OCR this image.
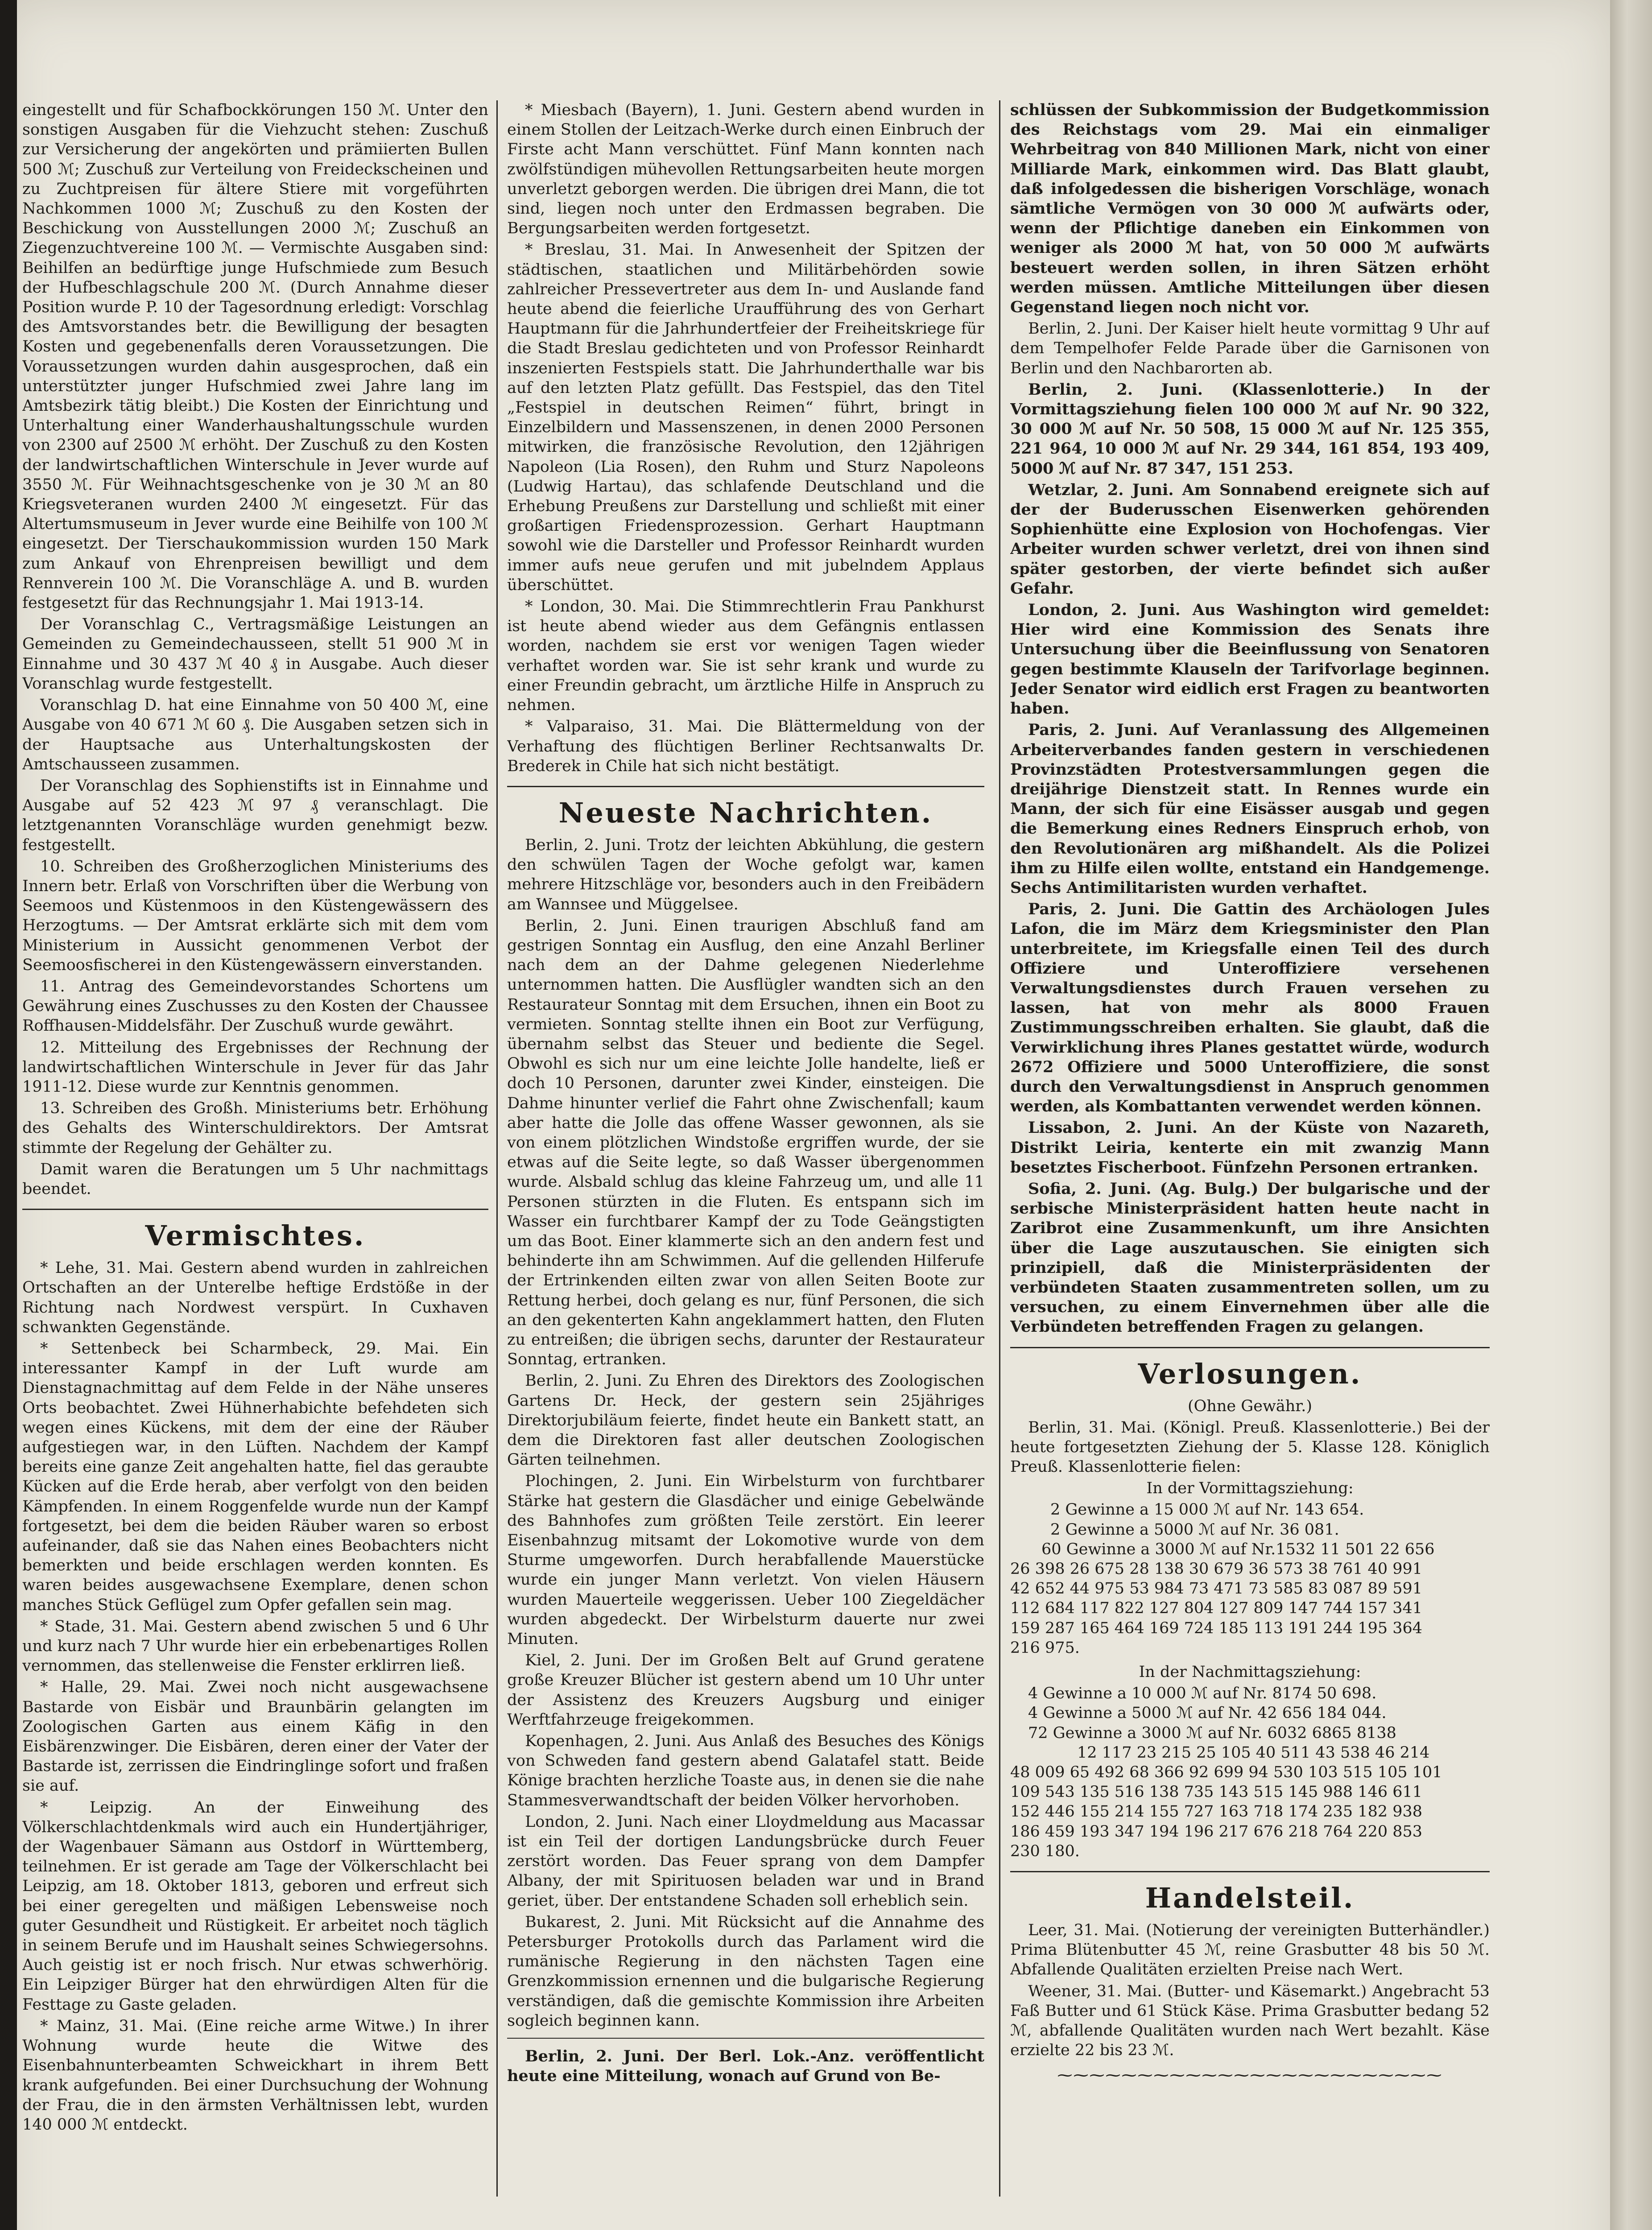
eingestellt und für Schafbockkörungen 150 ℳ. Unter den sonstigen Ausgaben für die Viehzucht stehen: Zuschuß zur Versicherung der angekörten und prämiierten Bullen 500 ℳ; Zuschuß zur Verteilung von Freideckscheinen und zu Zuchtpreisen für ältere Stiere mit vorgeführten Nachkommen 1000 ℳ; Zuschuß zu den Kosten der Beschickung von Ausstellungen 2000 ℳ; Zuschuß an Ziegenzuchtvereine 100 ℳ. — Vermischte Ausgaben sind: Beihilfen an bedürftige junge Hufschmiede zum Besuch der Hufbeschlagschule 200 ℳ. (Durch Annahme dieser Position wurde P. 10 der Tagesordnung erledigt: Vorschlag des Amtsvorstandes betr. die Bewilligung der besagten Kosten und gegebenenfalls deren Voraussetzungen. Die Voraussetzungen wurden dahin ausgesprochen, daß ein unterstützter junger Hufschmied zwei Jahre lang im Amtsbezirk tätig bleibt.) Die Kosten der Einrichtung und Unterhaltung einer Wanderhaushaltungsschule wurden von 2300 auf 2500 ℳ erhöht. Der Zuschuß zu den Kosten der landwirtschaftlichen Winterschule in Jever wurde auf 3550 ℳ. Für Weihnachtsgeschenke von je 30 ℳ an 80 Kriegsveteranen wurden 2400 ℳ eingesetzt. Für das Altertumsmuseum in Jever wurde eine Beihilfe von 100 ℳ eingesetzt. Der Tierschaukommission wurden 150 Mark zum Ankauf von Ehrenpreisen bewilligt und dem Rennverein 100 ℳ. Die Voranschläge A. und B. wurden festgesetzt für das Rechnungsjahr 1. Mai 1913-14.

Der Voranschlag C., Vertragsmäßige Leistungen an Gemeinden zu Gemeindechausseen, stellt 51 900 ℳ in Einnahme und 30 437 ℳ 40 ₰ in Ausgabe. Auch dieser Voranschlag wurde festgestellt.

Voranschlag D. hat eine Einnahme von 50 400 ℳ, eine Ausgabe von 40 671 ℳ 60 ₰. Die Ausgaben setzen sich in der Hauptsache aus Unterhaltungskosten der Amtschausseen zusammen.

Der Voranschlag des Sophienstifts ist in Einnahme und Ausgabe auf 52 423 ℳ 97 ₰ veranschlagt. Die letztgenannten Voranschläge wurden genehmigt bezw. festgestellt.

10. Schreiben des Großherzoglichen Ministeriums des Innern betr. Erlaß von Vorschriften über die Werbung von Seemoos und Küstenmoos in den Küstengewässern des Herzogtums. — Der Amtsrat erklärte sich mit dem vom Ministerium in Aussicht genommenen Verbot der Seemoosfischerei in den Küstengewässern einverstanden.

11. Antrag des Gemeindevorstandes Schortens um Gewährung eines Zuschusses zu den Kosten der Chaussee Roffhausen-Middelsfähr. Der Zuschuß wurde gewährt.

12. Mitteilung des Ergebnisses der Rechnung der landwirtschaftlichen Winterschule in Jever für das Jahr 1911-12. Diese wurde zur Kenntnis genommen.

13. Schreiben des Großh. Ministeriums betr. Erhöhung des Gehalts des Winterschuldirektors. Der Amtsrat stimmte der Regelung der Gehälter zu.

Damit waren die Beratungen um 5 Uhr nachmittags beendet.

Vermischtes.

* Lehe, 31. Mai. Gestern abend wurden in zahlreichen Ortschaften an der Unterelbe heftige Erdstöße in der Richtung nach Nordwest verspürt. In Cuxhaven schwankten Gegenstände.

* Settenbeck bei Scharmbeck, 29. Mai. Ein interessanter Kampf in der Luft wurde am Dienstagnachmittag auf dem Felde in der Nähe unseres Orts beobachtet. Zwei Hühnerhabichte befehdeten sich wegen eines Kückens, mit dem der eine der Räuber aufgestiegen war, in den Lüften. Nachdem der Kampf bereits eine ganze Zeit angehalten hatte, fiel das geraubte Kücken auf die Erde herab, aber verfolgt von den beiden Kämpfenden. In einem Roggenfelde wurde nun der Kampf fortgesetzt, bei dem die beiden Räuber waren so erbost aufeinander, daß sie das Nahen eines Beobachters nicht bemerkten und beide erschlagen werden konnten. Es waren beides ausgewachsene Exemplare, denen schon manches Stück Geflügel zum Opfer gefallen sein mag.

* Stade, 31. Mai. Gestern abend zwischen 5 und 6 Uhr und kurz nach 7 Uhr wurde hier ein erbebenartiges Rollen vernommen, das stellenweise die Fenster erklirren ließ.

* Halle, 29. Mai. Zwei noch nicht ausgewachsene Bastarde von Eisbär und Braunbärin gelangten im Zoologischen Garten aus einem Käfig in den Eisbärenzwinger. Die Eisbären, deren einer der Vater der Bastarde ist, zerrissen die Eindringlinge sofort und fraßen sie auf.

* Leipzig. An der Einweihung des Völkerschlachtdenkmals wird auch ein Hundertjähriger, der Wagenbauer Sämann aus Ostdorf in Württemberg, teilnehmen. Er ist gerade am Tage der Völkerschlacht bei Leipzig, am 18. Oktober 1813, geboren und erfreut sich bei einer geregelten und mäßigen Lebensweise noch guter Gesundheit und Rüstigkeit. Er arbeitet noch täglich in seinem Berufe und im Haushalt seines Schwiegersohns. Auch geistig ist er noch frisch. Nur etwas schwerhörig. Ein Leipziger Bürger hat den ehrwürdigen Alten für die Festtage zu Gaste geladen.

* Mainz, 31. Mai. (Eine reiche arme Witwe.) In ihrer Wohnung wurde heute die Witwe des Eisenbahnunterbeamten Schweickhart in ihrem Bett krank aufgefunden. Bei einer Durchsuchung der Wohnung der Frau, die in den ärmsten Verhältnissen lebt, wurden 140 000 ℳ entdeckt.

* Miesbach (Bayern), 1. Juni. Gestern abend wurden in einem Stollen der Leitzach-Werke durch einen Einbruch der Firste acht Mann verschüttet. Fünf Mann konnten nach zwölfstündigen mühevollen Rettungsarbeiten heute morgen unverletzt geborgen werden. Die übrigen drei Mann, die tot sind, liegen noch unter den Erdmassen begraben. Die Bergungsarbeiten werden fortgesetzt.

* Breslau, 31. Mai. In Anwesenheit der Spitzen der städtischen, staatlichen und Militärbehörden sowie zahlreicher Pressevertreter aus dem In- und Auslande fand heute abend die feierliche Uraufführung des von Gerhart Hauptmann für die Jahrhundertfeier der Freiheitskriege für die Stadt Breslau gedichteten und von Professor Reinhardt inszenierten Festspiels statt. Die Jahrhunderthalle war bis auf den letzten Platz gefüllt. Das Festspiel, das den Titel „Festspiel in deutschen Reimen“ führt, bringt in Einzelbildern und Massenszenen, in denen 2000 Personen mitwirken, die französische Revolution, den 12jährigen Napoleon (Lia Rosen), den Ruhm und Sturz Napoleons (Ludwig Hartau), das schlafende Deutschland und die Erhebung Preußens zur Darstellung und schließt mit einer großartigen Friedensprozession. Gerhart Hauptmann sowohl wie die Darsteller und Professor Reinhardt wurden immer aufs neue gerufen und mit jubelndem Applaus überschüttet.

* London, 30. Mai. Die Stimmrechtlerin Frau Pankhurst ist heute abend wieder aus dem Gefängnis entlassen worden, nachdem sie erst vor wenigen Tagen wieder verhaftet worden war. Sie ist sehr krank und wurde zu einer Freundin gebracht, um ärztliche Hilfe in Anspruch zu nehmen.

* Valparaiso, 31. Mai. Die Blättermeldung von der Verhaftung des flüchtigen Berliner Rechtsanwalts Dr. Brederek in Chile hat sich nicht bestätigt.

Neueste Nachrichten.

Berlin, 2. Juni. Trotz der leichten Abkühlung, die gestern den schwülen Tagen der Woche gefolgt war, kamen mehrere Hitzschläge vor, besonders auch in den Freibädern am Wannsee und Müggelsee.

Berlin, 2. Juni. Einen traurigen Abschluß fand am gestrigen Sonntag ein Ausflug, den eine Anzahl Berliner nach dem an der Dahme gelegenen Niederlehme unternommen hatten. Die Ausflügler wandten sich an den Restaurateur Sonntag mit dem Ersuchen, ihnen ein Boot zu vermieten. Sonntag stellte ihnen ein Boot zur Verfügung, übernahm selbst das Steuer und bediente die Segel. Obwohl es sich nur um eine leichte Jolle handelte, ließ er doch 10 Personen, darunter zwei Kinder, einsteigen. Die Dahme hinunter verlief die Fahrt ohne Zwischenfall; kaum aber hatte die Jolle das offene Wasser gewonnen, als sie von einem plötzlichen Windstoße ergriffen wurde, der sie etwas auf die Seite legte, so daß Wasser übergenommen wurde. Alsbald schlug das kleine Fahrzeug um, und alle 11 Personen stürzten in die Fluten. Es entspann sich im Wasser ein furchtbarer Kampf der zu Tode Geängstigten um das Boot. Einer klammerte sich an den andern fest und behinderte ihn am Schwimmen. Auf die gellenden Hilferufe der Ertrinkenden eilten zwar von allen Seiten Boote zur Rettung herbei, doch gelang es nur, fünf Personen, die sich an den gekenterten Kahn angeklammert hatten, den Fluten zu entreißen; die übrigen sechs, darunter der Restaurateur Sonntag, ertranken.

Berlin, 2. Juni. Zu Ehren des Direktors des Zoologischen Gartens Dr. Heck, der gestern sein 25jähriges Direktorjubiläum feierte, findet heute ein Bankett statt, an dem die Direktoren fast aller deutschen Zoologischen Gärten teilnehmen.

Plochingen, 2. Juni. Ein Wirbelsturm von furchtbarer Stärke hat gestern die Glasdächer und einige Gebelwände des Bahnhofes zum größten Teile zerstört. Ein leerer Eisenbahnzug mitsamt der Lokomotive wurde von dem Sturme umgeworfen. Durch herabfallende Mauerstücke wurde ein junger Mann verletzt. Von vielen Häusern wurden Mauerteile weggerissen. Ueber 100 Ziegeldächer wurden abgedeckt. Der Wirbelsturm dauerte nur zwei Minuten.

Kiel, 2. Juni. Der im Großen Belt auf Grund geratene große Kreuzer Blücher ist gestern abend um 10 Uhr unter der Assistenz des Kreuzers Augsburg und einiger Werftfahrzeuge freigekommen.

Kopenhagen, 2. Juni. Aus Anlaß des Besuches des Königs von Schweden fand gestern abend Galatafel statt. Beide Könige brachten herzliche Toaste aus, in denen sie die nahe Stammesverwandtschaft der beiden Völker hervorhoben.

London, 2. Juni. Nach einer Lloydmeldung aus Macassar ist ein Teil der dortigen Landungsbrücke durch Feuer zerstört worden. Das Feuer sprang von dem Dampfer Albany, der mit Spirituosen beladen war und in Brand geriet, über. Der entstandene Schaden soll erheblich sein.

Bukarest, 2. Juni. Mit Rücksicht auf die Annahme des Petersburger Protokolls durch das Parlament wird die rumänische Regierung in den nächsten Tagen eine Grenzkommission ernennen und die bulgarische Regierung verständigen, daß die gemischte Kommission ihre Arbeiten sogleich beginnen kann.

Berlin, 2. Juni. Der Berl. Lok.-Anz. veröffentlicht heute eine Mitteilung, wonach auf Grund von Be-

schlüssen der Subkommission der Budgetkommission des Reichstags vom 29. Mai ein einmaliger Wehrbeitrag von 840 Millionen Mark, nicht von einer Milliarde Mark, einkommen wird. Das Blatt glaubt, daß infolgedessen die bisherigen Vorschläge, wonach sämtliche Vermögen von 30 000 ℳ aufwärts oder, wenn der Pflichtige daneben ein Einkommen von weniger als 2000 ℳ hat, von 50 000 ℳ aufwärts besteuert werden sollen, in ihren Sätzen erhöht werden müssen. Amtliche Mitteilungen über diesen Gegenstand liegen noch nicht vor.

Berlin, 2. Juni. Der Kaiser hielt heute vormittag 9 Uhr auf dem Tempelhofer Felde Parade über die Garnisonen von Berlin und den Nachbarorten ab.

Berlin, 2. Juni. (Klassenlotterie.) In der Vormittagsziehung fielen 100 000 ℳ auf Nr. 90 322, 30 000 ℳ auf Nr. 50 508, 15 000 ℳ auf Nr. 125 355, 221 964, 10 000 ℳ auf Nr. 29 344, 161 854, 193 409, 5000 ℳ auf Nr. 87 347, 151 253.

Wetzlar, 2. Juni. Am Sonnabend ereignete sich auf der der Buderusschen Eisenwerken gehörenden Sophienhütte eine Explosion von Hochofengas. Vier Arbeiter wurden schwer verletzt, drei von ihnen sind später gestorben, der vierte befindet sich außer Gefahr.

London, 2. Juni. Aus Washington wird gemeldet: Hier wird eine Kommission des Senats ihre Untersuchung über die Beeinflussung von Senatoren gegen bestimmte Klauseln der Tarifvorlage beginnen. Jeder Senator wird eidlich erst Fragen zu beantworten haben.

Paris, 2. Juni. Auf Veranlassung des Allgemeinen Arbeiterverbandes fanden gestern in verschiedenen Provinzstädten Protestversammlungen gegen die dreijährige Dienstzeit statt. In Rennes wurde ein Mann, der sich für eine Eisässer ausgab und gegen die Bemerkung eines Redners Einspruch erhob, von den Revolutionären arg mißhandelt. Als die Polizei ihm zu Hilfe eilen wollte, entstand ein Handgemenge. Sechs Antimilitaristen wurden verhaftet.

Paris, 2. Juni. Die Gattin des Archäologen Jules Lafon, die im März dem Kriegsminister den Plan unterbreitete, im Kriegsfalle einen Teil des durch Offiziere und Unteroffiziere versehenen Verwaltungsdienstes durch Frauen versehen zu lassen, hat von mehr als 8000 Frauen Zustimmungsschreiben erhalten. Sie glaubt, daß die Verwirklichung ihres Planes gestattet würde, wodurch 2672 Offiziere und 5000 Unteroffiziere, die sonst durch den Verwaltungsdienst in Anspruch genommen werden, als Kombattanten verwendet werden können.

Lissabon, 2. Juni. An der Küste von Nazareth, Distrikt Leiria, kenterte ein mit zwanzig Mann besetztes Fischerboot. Fünfzehn Personen ertranken.

Sofia, 2. Juni. (Ag. Bulg.) Der bulgarische und der serbische Ministerpräsident hatten heute nacht in Zaribrot eine Zusammenkunft, um ihre Ansichten über die Lage auszutauschen. Sie einigten sich prinzipiell, daß die Ministerpräsidenten der verbündeten Staaten zusammentreten sollen, um zu versuchen, zu einem Einvernehmen über alle die Verbündeten betreffenden Fragen zu gelangen.

Verlosungen.
(Ohne Gewähr.)

Berlin, 31. Mai. (Königl. Preuß. Klassenlotterie.) Bei der heute fortgesetzten Ziehung der 5. Klasse 128. Königlich Preuß. Klassenlotterie fielen:

In der Vormittagsziehung:

2 Gewinne a 15 000 ℳ auf Nr. 143 654.
2 Gewinne a 5000 ℳ auf Nr. 36 081.
60 Gewinne a 3000 ℳ auf Nr.1532 11 501 22 656
26 398 26 675 28 138 30 679 36 573 38 761 40 991
42 652 44 975 53 984 73 471 73 585 83 087 89 591
112 684 117 822 127 804 127 809 147 744 157 341
159 287 165 464 169 724 185 113 191 244 195 364
216 975.

In der Nachmittagsziehung:

4 Gewinne a 10 000 ℳ auf Nr. 8174 50 698.
4 Gewinne a 5000 ℳ auf Nr. 42 656 184 044.
72 Gewinne a 3000 ℳ auf Nr. 6032 6865 8138
12 117 23 215 25 105 40 511 43 538 46 214
48 009 65 492 68 366 92 699 94 530 103 515 105 101
109 543 135 516 138 735 143 515 145 988 146 611
152 446 155 214 155 727 163 718 174 235 182 938
186 459 193 347 194 196 217 676 218 764 220 853
230 180.
Handelsteil.

Leer, 31. Mai. (Notierung der vereinigten Butterhändler.) Prima Blütenbutter 45 ℳ, reine Grasbutter 48 bis 50 ℳ. Abfallende Qualitäten erzielten Preise nach Wert.

Weener, 31. Mai. (Butter- und Käsemarkt.) Angebracht 53 Faß Butter und 61 Stück Käse. Prima Grasbutter bedang 52 ℳ, abfallende Qualitäten wurden nach Wert bezahlt. Käse erzielte 22 bis 23 ℳ.

⁓⁓⁓⁓⁓⁓⁓⁓⁓⁓⁓⁓⁓⁓⁓⁓⁓⁓⁓⁓⁓⁓⁓⁓
